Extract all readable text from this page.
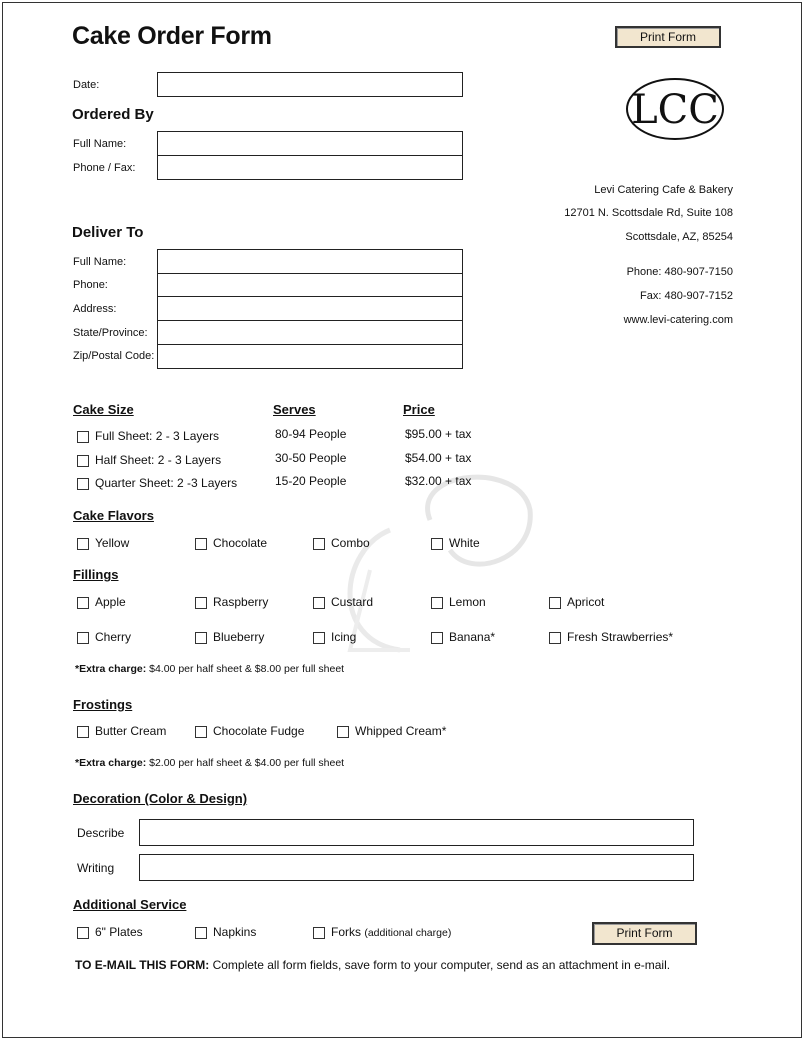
Cake Order Form	Print Form
Date:
Ordered By
Full Name:
Phone / Fax:
LCC
Levi Catering Cafe & Bakery
12701 N. Scottsdale Rd, Suite 108
Scottsdale, AZ, 85254
Phone: 480-907-7150
Fax: 480-907-7152
www.levi-catering.com
Deliver To
Full Name:
Phone:
Address:
State/Province:
Zip/Postal Code:
Cake Size	Serves	Price
Full Sheet: 2 - 3 Layers	80-94 People	$95.00 + tax
Half Sheet: 2 - 3 Layers	30-50 People	$54.00 + tax
Quarter Sheet: 2 -3 Layers	15-20 People	$32.00 + tax
Cake Flavors
Yellow	Chocolate	Combo	White
Fillings
Apple	Raspberry	Custard	Lemon	Apricot
Cherry	Blueberry	Icing	Banana*	Fresh Strawberries*
*Extra charge: $4.00 per half sheet & $8.00 per full sheet
Frostings
Butter Cream	Chocolate Fudge	Whipped Cream*
*Extra charge: $2.00 per half sheet & $4.00 per full sheet
Decoration (Color & Design)
Describe
Writing
Additional Service
6" Plates	Napkins	Forks (additional charge)	Print Form
TO E-MAIL THIS FORM: Complete all form fields, save form to your computer, send as an attachment in e-mail.
